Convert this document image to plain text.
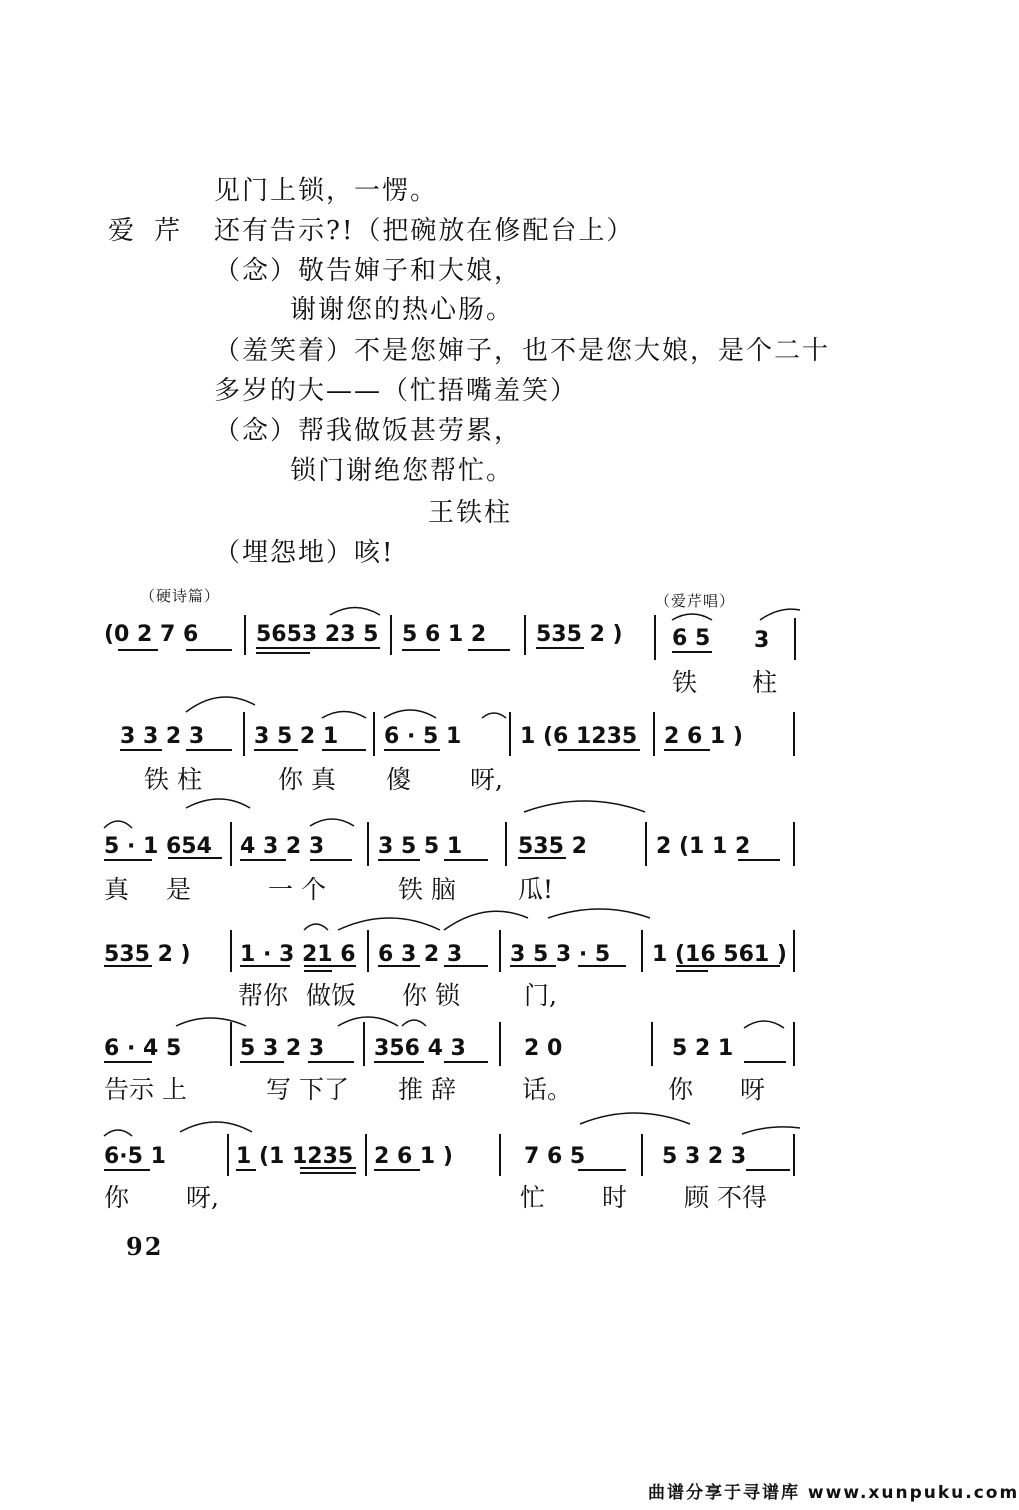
见门上锁，一愣。
爱 芹 还有告示?!（把碗放在修配台上）
（念）敬告婶子和大娘，
谢谢您的热心肠。
（羞笑着）不是您婶子，也不是您大娘，是个二十
多岁的大——（忙捂嘴羞笑）
（念）帮我做饭甚劳累，
锁门谢绝您帮忙。
王铁柱
（埋怨地）咳!
（硬诗篇）	（爱芹唱）
(0 2 7 6	5653 23 5 5 6 1 2 535 2 ) 6 5 3
铁 柱
3 3 2 3 3 5 2 1 6 · 5 1	1 (6 1235 2 6 1 )
铁 柱	你 真 傻 呀,
5 · 1 654 4 3 2 3 3 5 5 1	535 2	2 (1 1 2
真 是	一 个	铁 脑 瓜!
535 2 ) 1 · 3 21 6 6 3 2 3 3 5 3 · 5 1 (16 561 )
帮你 做饭 你 锁	门,
6 · 4 5	5 3 2 3 356 4 3	2 0	5 2 1
告示 上	写 下了 推 辞	话。	你 呀
6·5 1	1 (1 1235 2 6 1 )	7 6 5	5 3 2 3
你 呀,	忙 时 顾 不得
92
曲谱分享于寻谱库 www.xunpuku.com
